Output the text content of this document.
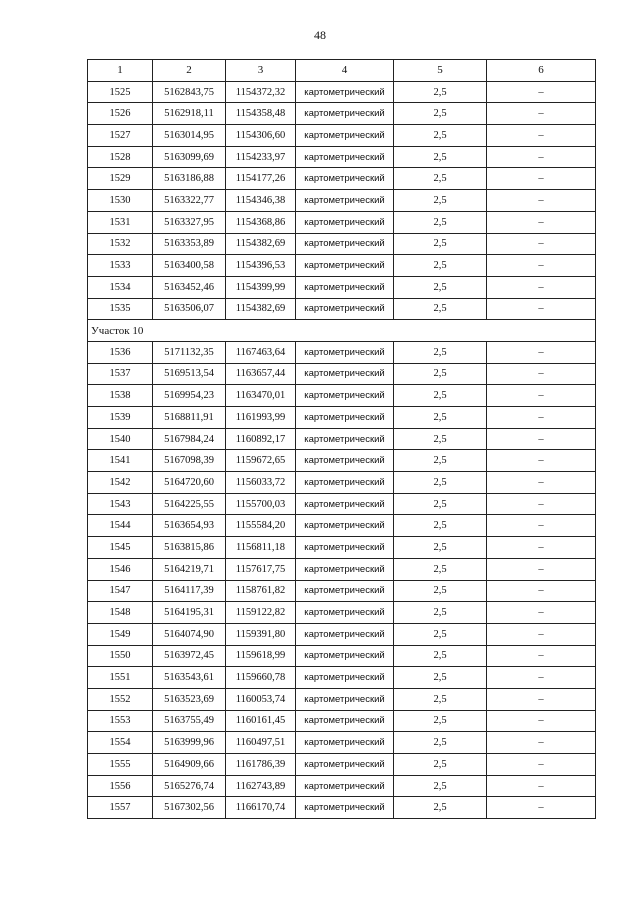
48
1	2	3	4	5	6
1525	5162843,75	1154372,32	картометрический	2,5	–
1526	5162918,11	1154358,48	картометрический	2,5	–
1527	5163014,95	1154306,60	картометрический	2,5	–
1528	5163099,69	1154233,97	картометрический	2,5	–
1529	5163186,88	1154177,26	картометрический	2,5	–
1530	5163322,77	1154346,38	картометрический	2,5	–
1531	5163327,95	1154368,86	картометрический	2,5	–
1532	5163353,89	1154382,69	картометрический	2,5	–
1533	5163400,58	1154396,53	картометрический	2,5	–
1534	5163452,46	1154399,99	картометрический	2,5	–
1535	5163506,07	1154382,69	картометрический	2,5	–
Участок 10					
1536	5171132,35	1167463,64	картометрический	2,5	–
1537	5169513,54	1163657,44	картометрический	2,5	–
1538	5169954,23	1163470,01	картометрический	2,5	–
1539	5168811,91	1161993,99	картометрический	2,5	–
1540	5167984,24	1160892,17	картометрический	2,5	–
1541	5167098,39	1159672,65	картометрический	2,5	–
1542	5164720,60	1156033,72	картометрический	2,5	–
1543	5164225,55	1155700,03	картометрический	2,5	–
1544	5163654,93	1155584,20	картометрический	2,5	–
1545	5163815,86	1156811,18	картометрический	2,5	–
1546	5164219,71	1157617,75	картометрический	2,5	–
1547	5164117,39	1158761,82	картометрический	2,5	–
1548	5164195,31	1159122,82	картометрический	2,5	–
1549	5164074,90	1159391,80	картометрический	2,5	–
1550	5163972,45	1159618,99	картометрический	2,5	–
1551	5163543,61	1159660,78	картометрический	2,5	–
1552	5163523,69	1160053,74	картометрический	2,5	–
1553	5163755,49	1160161,45	картометрический	2,5	–
1554	5163999,96	1160497,51	картометрический	2,5	–
1555	5164909,66	1161786,39	картометрический	2,5	–
1556	5165276,74	1162743,89	картометрический	2,5	–
1557	5167302,56	1166170,74	картометрический	2,5	–
